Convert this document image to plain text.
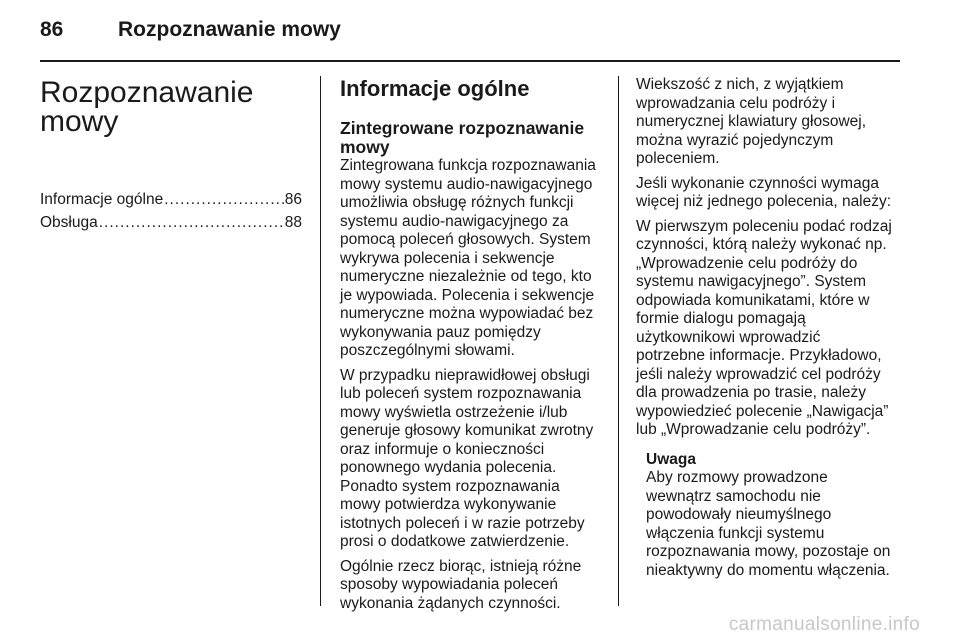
86	Rozpoznawanie mowy
Rozpoznawanie
mowy
Informacje ogólne .....	86
Obsługa .....	88
Informacje ogólne
Zintegrowane rozpoznawanie
mowy

Zintegrowana funkcja rozpoznawania
mowy systemu audio-nawigacyjnego
umożliwia obsługę różnych funkcji
systemu audio-nawigacyjnego za
pomocą poleceń głosowych. System
wykrywa polecenia i sekwencje
numeryczne niezależnie od tego, kto
je wypowiada. Polecenia i sekwencje
numeryczne można wypowiadać bez
wykonywania pauz pomiędzy
poszczególnymi słowami.

W przypadku nieprawidłowej obsługi
lub poleceń system rozpoznawania
mowy wyświetla ostrzeżenie i/lub
generuje głosowy komunikat zwrotny
oraz informuje o konieczności
ponownego wydania polecenia.
Ponadto system rozpoznawania
mowy potwierdza wykonywanie
istotnych poleceń i w razie potrzeby
prosi o dodatkowe zatwierdzenie.

Ogólnie rzecz biorąc, istnieją różne
sposoby wypowiadania poleceń
wykonania żądanych czynności.

Wiekszość z nich, z wyjątkiem
wprowadzania celu podróży i
numerycznej klawiatury głosowej,
można wyrazić pojedynczym
poleceniem.

Jeśli wykonanie czynności wymaga
więcej niż jednego polecenia, należy:

W pierwszym poleceniu podać rodzaj
czynności, którą należy wykonać np.
„Wprowadzenie celu podróży do
systemu nawigacyjnego”. System
odpowiada komunikatami, które w
formie dialogu pomagają
użytkownikowi wprowadzić
potrzebne informacje. Przykładowo,
jeśli należy wprowadzić cel podróży
dla prowadzenia po trasie, należy
wypowiedzieć polecenie „Nawigacja”
lub „Wprowadzanie celu podróży”.

Uwaga

Aby rozmowy prowadzone
wewnątrz samochodu nie
powodowały nieumyślnego
włączenia funkcji systemu
rozpoznawania mowy, pozostaje on
nieaktywny do momentu włączenia.

carmanualsonline.info
